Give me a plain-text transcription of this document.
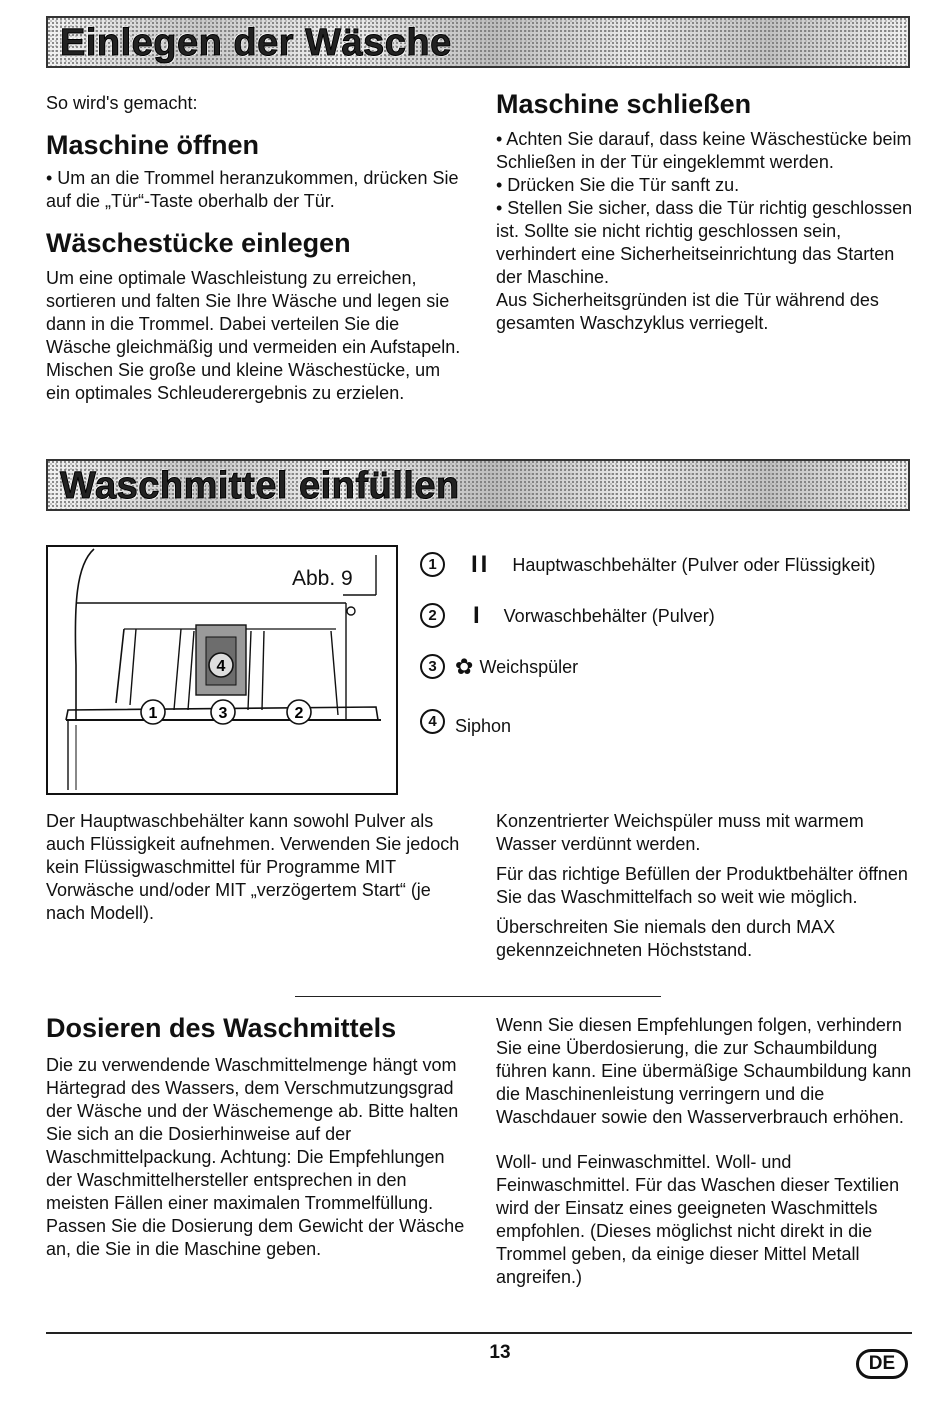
Einlegen der Wäsche

So wird's gemacht:

Maschine öffnen

• Um an die Trommel heranzukommen, drücken Sie auf die „Tür“-Taste oberhalb der Tür.

Wäschestücke einlegen

Um eine optimale Waschleistung zu erreichen, sortieren und falten Sie Ihre Wäsche und legen sie dann in die Trommel. Dabei verteilen Sie die Wäsche gleichmäßig und vermeiden ein Aufstapeln. Mischen Sie große und kleine Wäschestücke, um ein optimales Schleuderergebnis zu erzielen.

Maschine schließen

• Achten Sie darauf, dass keine Wäschestücke beim Schließen in der Tür eingeklemmt werden.

• Drücken Sie die Tür sanft zu.

• Stellen Sie sicher, dass die Tür richtig geschlossen ist. Sollte sie nicht richtig geschlossen sein, verhindert eine Sicherheitseinrichtung das Starten der Maschine.

Aus Sicherheitsgründen ist die Tür während des gesamten Waschzyklus verriegelt.

Waschmittel einfüllen
Abb. 9
4
1	3	2
1	II Hauptwaschbehälter (Pulver oder Flüssigkeit)
2	I Vorwaschbehälter (Pulver)
3 ✿ Weichspüler
4	Siphon

Der Hauptwaschbehälter kann sowohl Pulver als auch Flüssigkeit aufnehmen. Verwenden Sie jedoch kein Flüssigwaschmittel für Programme MIT Vorwäsche und/oder MIT „verzögertem Start“ (je nach Modell).

Konzentrierter Weichspüler muss mit warmem Wasser verdünnt werden.

Für das richtige Befüllen der Produktbehälter öffnen Sie das Waschmittelfach so weit wie möglich.

Überschreiten Sie niemals den durch MAX gekennzeichneten Höchststand.

Dosieren des Waschmittels

Die zu verwendende Waschmittelmenge hängt vom Härtegrad des Wassers, dem Verschmutzungsgrad der Wäsche und der Wäschemenge ab. Bitte halten Sie sich an die Dosierhinweise auf der Waschmittelpackung. Achtung: Die Empfehlungen der Waschmittelhersteller entsprechen in den meisten Fällen einer maximalen Trommelfüllung. Passen Sie die Dosierung dem Gewicht der Wäsche an, die Sie in die Maschine geben.

Wenn Sie diesen Empfehlungen folgen, verhindern Sie eine Überdosierung, die zur Schaumbildung führen kann. Eine übermäßige Schaumbildung kann die Maschinenleistung verringern und die Waschdauer sowie den Wasserverbrauch erhöhen.

Woll- und Feinwaschmittel. Woll- und Feinwaschmittel. Für das Waschen dieser Textilien wird der Einsatz eines geeigneten Waschmittels empfohlen. (Dieses möglichst nicht direkt in die Trommel geben, da einige dieser Mittel Metall angreifen.)

13
DE
